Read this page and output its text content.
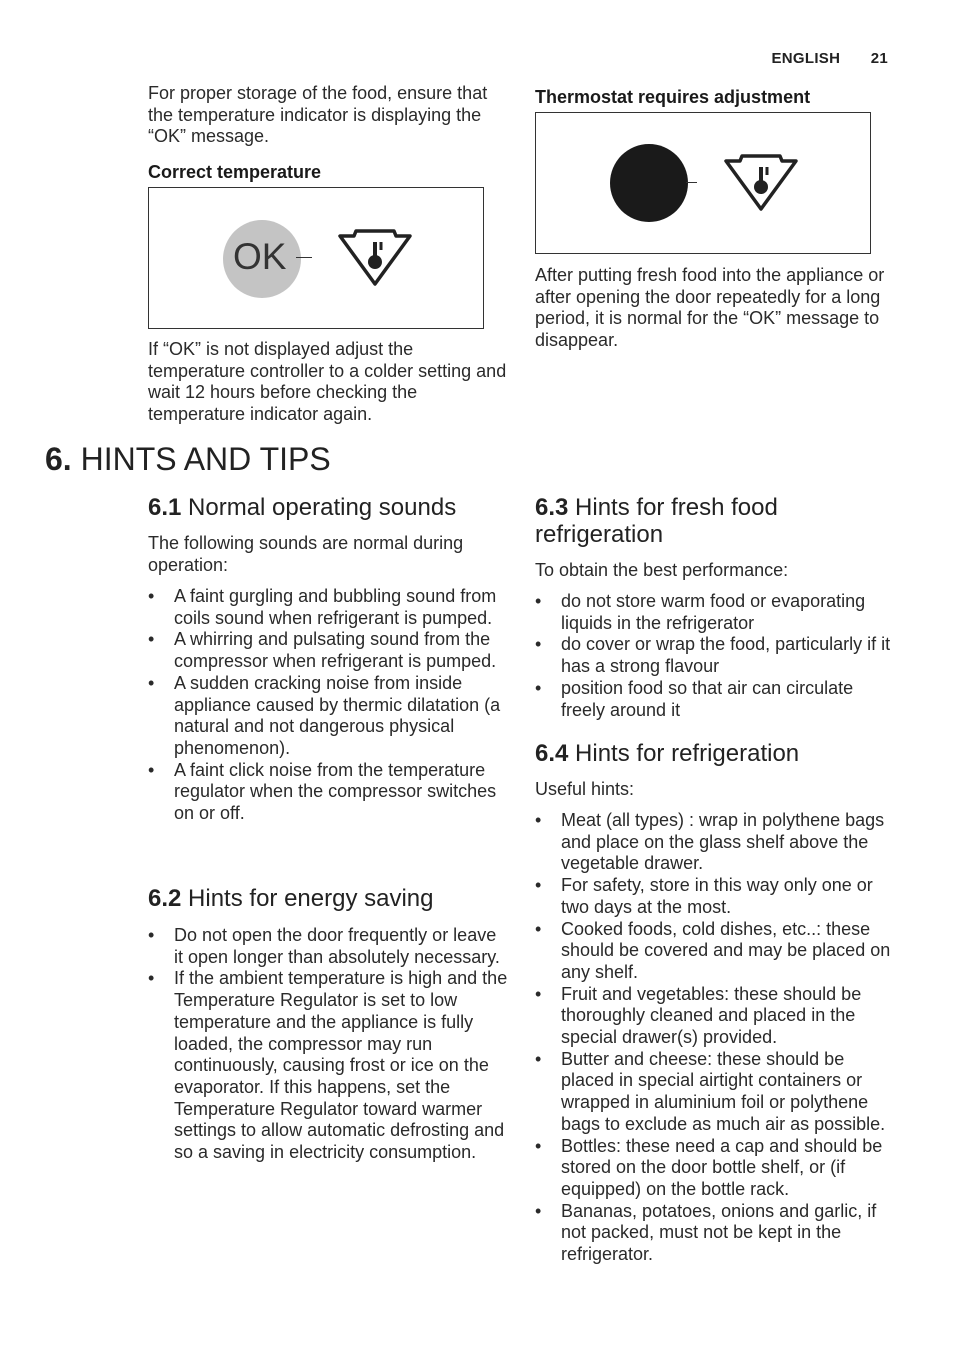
ENGLISH 21

For proper storage of the food, ensure that the temperature indicator is displaying the “OK” message.

Correct temperature

OK

If “OK” is not displayed adjust the temperature controller to a colder setting and wait 12 hours before checking the temperature indicator again.

Thermostat requires adjustment

After putting fresh food into the appliance or after opening the door repeatedly for a long period, it is normal for the “OK” message to disappear.

6. HINTS AND TIPS
6.1 Normal operating sounds

The following sounds are normal during operation:

• A faint gurgling and bubbling sound from coils sound when refrigerant is pumped.
• A whirring and pulsating sound from the compressor when refrigerant is pumped.
• A sudden cracking noise from inside appliance caused by thermic dilatation (a natural and not dangerous physical phenomenon).
• A faint click noise from the temperature regulator when the compressor switches on or off.
6.2 Hints for energy saving
• Do not open the door frequently or leave it open longer than absolutely necessary.
• If the ambient temperature is high and the Temperature Regulator is set to low temperature and the appliance is fully loaded, the compressor may run continuously, causing frost or ice on the evaporator. If this happens, set the Temperature Regulator toward warmer settings to allow automatic defrosting and so a saving in electricity consumption.
6.3 Hints for fresh food
refrigeration

To obtain the best performance:

• do not store warm food or evaporating liquids in the refrigerator
• do cover or wrap the food, particularly if it has a strong flavour
• position food so that air can circulate freely around it
6.4 Hints for refrigeration

Useful hints:

• Meat (all types) : wrap in polythene bags and place on the glass shelf above the vegetable drawer.
• For safety, store in this way only one or two days at the most.
• Cooked foods, cold dishes, etc..: these should be covered and may be placed on any shelf.
• Fruit and vegetables: these should be thoroughly cleaned and placed in the special drawer(s) provided.
• Butter and cheese: these should be placed in special airtight containers or wrapped in aluminium foil or polythene bags to exclude as much air as possible.
• Bottles: these need a cap and should be stored on the door bottle shelf, or (if equipped) on the bottle rack.
• Bananas, potatoes, onions and garlic, if not packed, must not be kept in the refrigerator.
